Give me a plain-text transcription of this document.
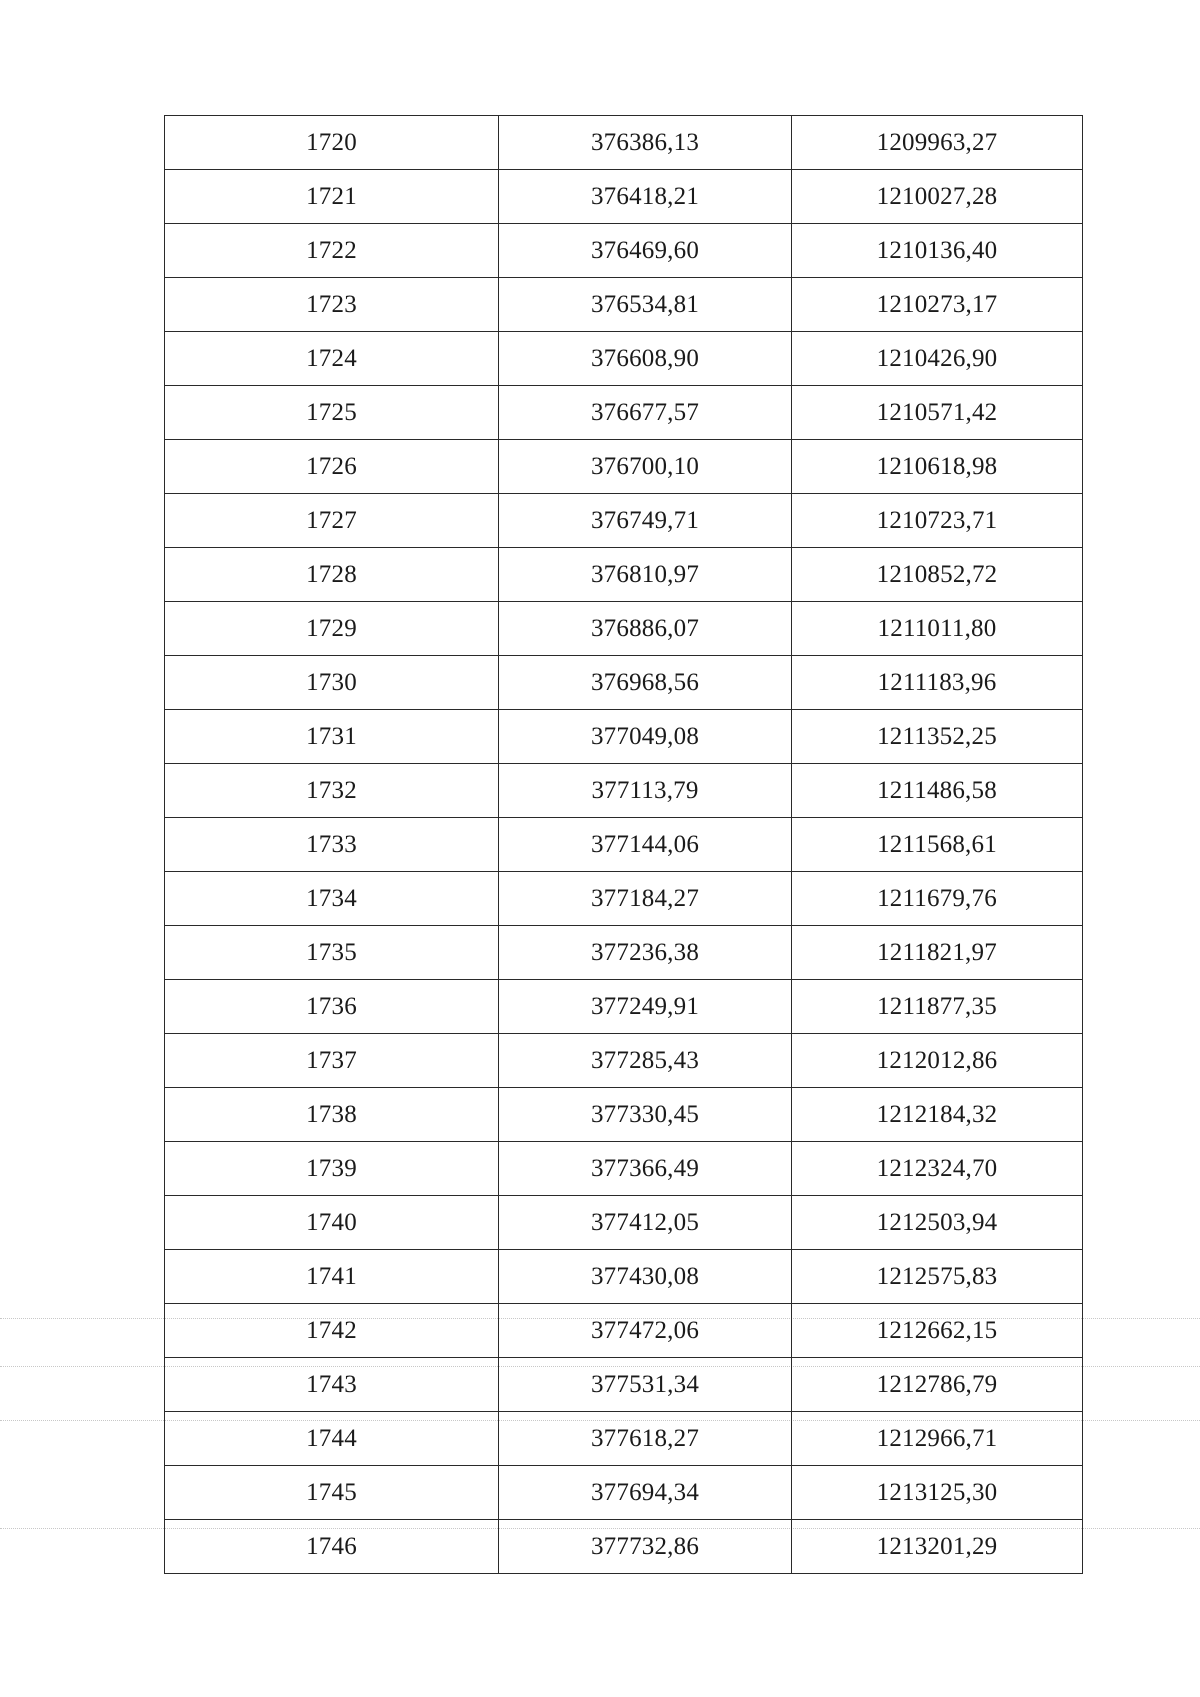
1720	376386,13	1209963,27
1721	376418,21	1210027,28
1722	376469,60	1210136,40
1723	376534,81	1210273,17
1724	376608,90	1210426,90
1725	376677,57	1210571,42
1726	376700,10	1210618,98
1727	376749,71	1210723,71
1728	376810,97	1210852,72
1729	376886,07	1211011,80
1730	376968,56	1211183,96
1731	377049,08	1211352,25
1732	377113,79	1211486,58
1733	377144,06	1211568,61
1734	377184,27	1211679,76
1735	377236,38	1211821,97
1736	377249,91	1211877,35
1737	377285,43	1212012,86
1738	377330,45	1212184,32
1739	377366,49	1212324,70
1740	377412,05	1212503,94
1741	377430,08	1212575,83
1742	377472,06	1212662,15
1743	377531,34	1212786,79
1744	377618,27	1212966,71
1745	377694,34	1213125,30
1746	377732,86	1213201,29
